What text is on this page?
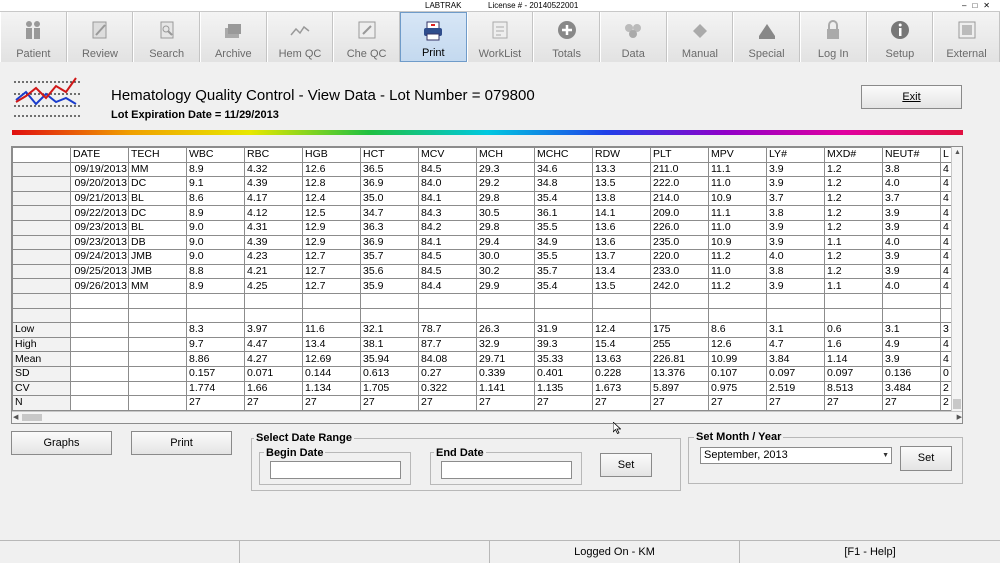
LABTRAK	License # - 20140522001	–□✕
Patient	Review	Search	Archive	Hem QC	Che QC	Print	WorkList	Totals	Data	Manual	Special	Log In	Setup	External
Hematology Quality Control - View Data - Lot Number = 079800
Lot Expiration Date = 11/29/2013
Exit
	DATE	TECH	WBC	RBC	HGB	HCT	MCV	MCH	MCHC	RDW	PLT	MPV	LY#	MXD#	NEUT#	L
	09/19/2013	MM	8.9	4.32	12.6	36.5	84.5	29.3	34.6	13.3	211.0	11.1	3.9	1.2	3.8	4
	09/20/2013	DC	9.1	4.39	12.8	36.9	84.0	29.2	34.8	13.5	222.0	11.0	3.9	1.2	4.0	4
	09/21/2013	BL	8.6	4.17	12.4	35.0	84.1	29.8	35.4	13.8	214.0	10.9	3.7	1.2	3.7	4
	09/22/2013	DC	8.9	4.12	12.5	34.7	84.3	30.5	36.1	14.1	209.0	11.1	3.8	1.2	3.9	4
	09/23/2013	BL	9.0	4.31	12.9	36.3	84.2	29.8	35.5	13.6	226.0	11.0	3.9	1.2	3.9	4
	09/23/2013	DB	9.0	4.39	12.9	36.9	84.1	29.4	34.9	13.6	235.0	10.9	3.9	1.1	4.0	4
	09/24/2013	JMB	9.0	4.23	12.7	35.7	84.5	30.0	35.5	13.7	220.0	11.2	4.0	1.2	3.9	4
	09/25/2013	JMB	8.8	4.21	12.7	35.6	84.5	30.2	35.7	13.4	233.0	11.0	3.8	1.2	3.9	4
	09/26/2013	MM	8.9	4.25	12.7	35.9	84.4	29.9	35.4	13.5	242.0	11.2	3.9	1.1	4.0	4

Low			8.3	3.97	11.6	32.1	78.7	26.3	31.9	12.4	175	8.6	3.1	0.6	3.1	3
High			9.7	4.47	13.4	38.1	87.7	32.9	39.3	15.4	255	12.6	4.7	1.6	4.9	4
Mean			8.86	4.27	12.69	35.94	84.08	29.71	35.33	13.63	226.81	10.99	3.84	1.14	3.9	4
SD			0.157	0.071	0.144	0.613	0.27	0.339	0.401	0.228	13.376	0.107	0.097	0.097	0.136	0
CV			1.774	1.66	1.134	1.705	0.322	1.141	1.135	1.673	5.897	0.975	2.519	8.513	3.484	2
N			27	27	27	27	27	27	27	27	27	27	27	27	27	2
▲
◀	▶
Graphs	Print	Select Date Range
Begin Date	End Date
Set
Set Month / Year
September, 2013	▼	Set
Logged On - KM	[F1 - Help]
